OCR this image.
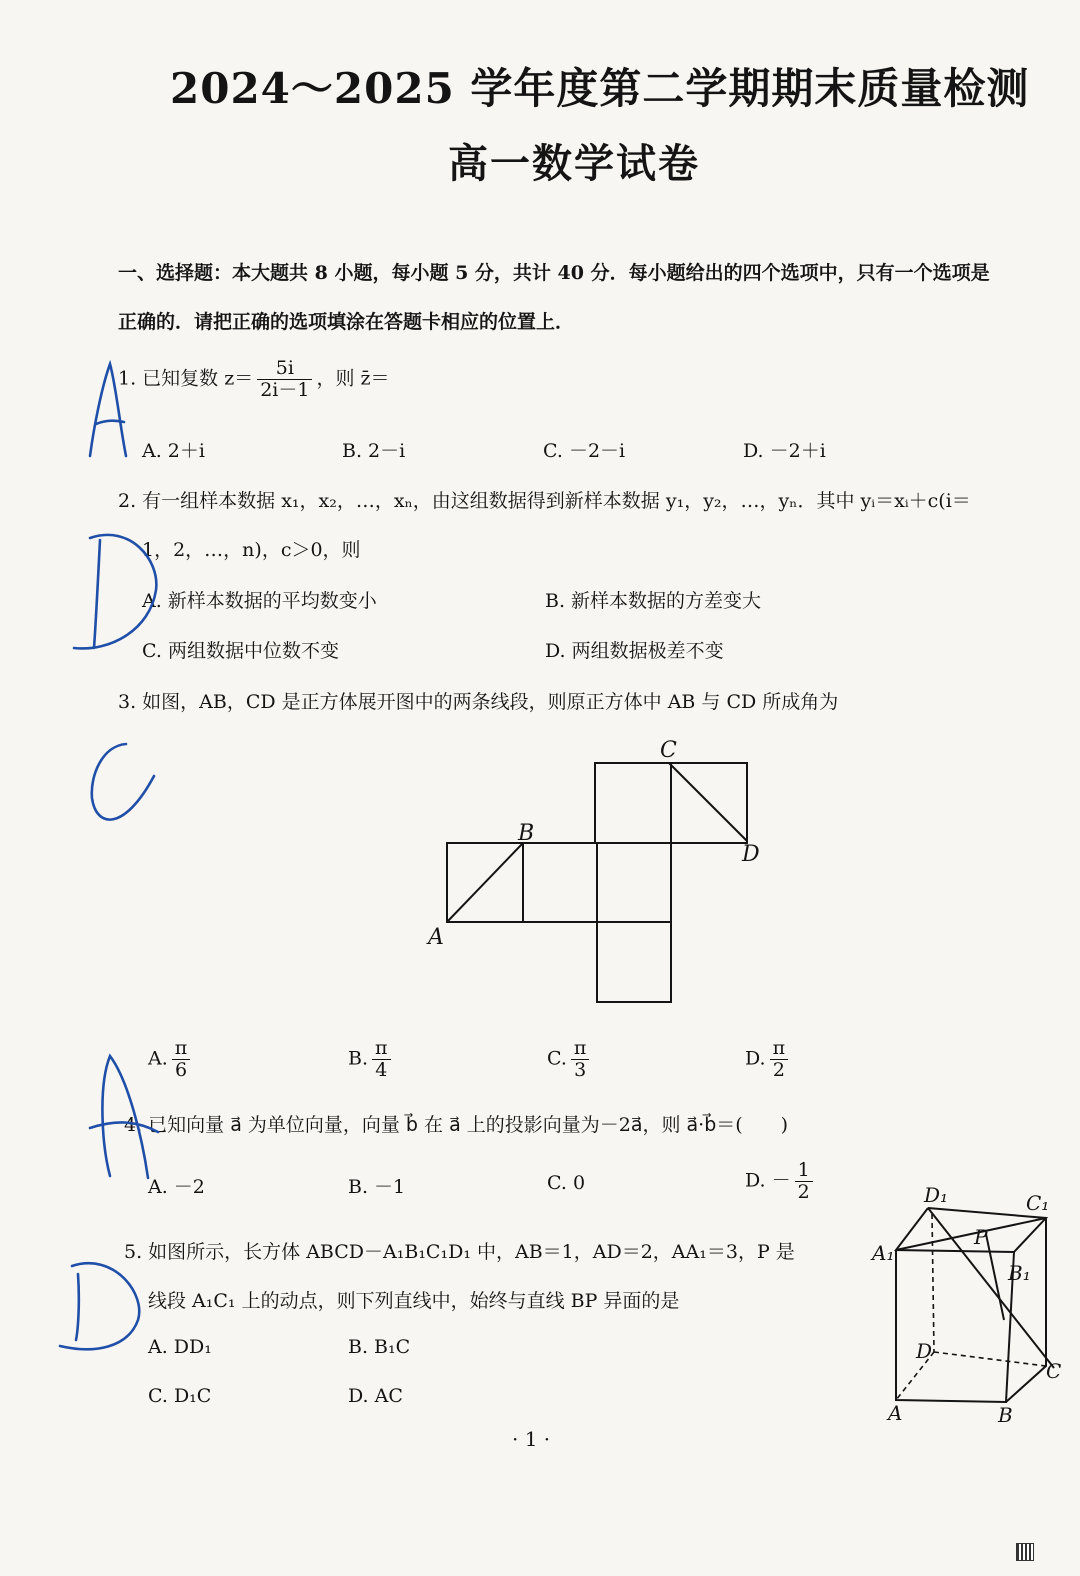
2024～2025 学年度第二学期期末质量检测
高一数学试卷
一、选择题：本大题共 8 小题，每小题 5 分，共计 40 分．每小题给出的四个选项中，只有一个选项是
正确的．请把正确的选项填涂在答题卡相应的位置上．
1. 已知复数 $z= \frac{5i}{2i-1}$ ，则 z̄＝
A. 2＋i	B. 2－i	C. －2－i	D. －2＋i
2. 有一组样本数据 x₁，x₂，…，xₙ，由这组数据得到新样本数据 y₁，y₂，…，yₙ．其中 yᵢ＝xᵢ＋c(i＝
1，2，…，n)，c＞0，则
A. 新样本数据的平均数变小	B. 新样本数据的方差变大
C. 两组数据中位数不变	D. 两组数据极差不变
3. 如图，AB，CD 是正方体展开图中的两条线段，则原正方体中 AB 与 CD 所成角为
A
B
C
D
A. $\frac{\pi}{6}$	B. $\frac{\pi}{4}$	C. $\frac{\pi}{3}$	D. $\frac{\pi}{2}$
4. 已知向量 a⃗ 为单位向量，向量 b⃗ 在 a⃗ 上的投影向量为－2a⃗，则 a⃗·b⃗＝(　　)
A. －2	B. －1	C. 0	D. － $\frac{1}{2}$
5. 如图所示，长方体 ABCD－A₁B₁C₁D₁ 中，AB＝1，AD＝2，AA₁＝3，P 是
线段 A₁C₁ 上的动点，则下列直线中，始终与直线 BP 异面的是
A. DD₁	B. B₁C
C. D₁C	D. AC
D₁	C₁
A₁
B₁
P
D
C
A	B
· 1 ·
